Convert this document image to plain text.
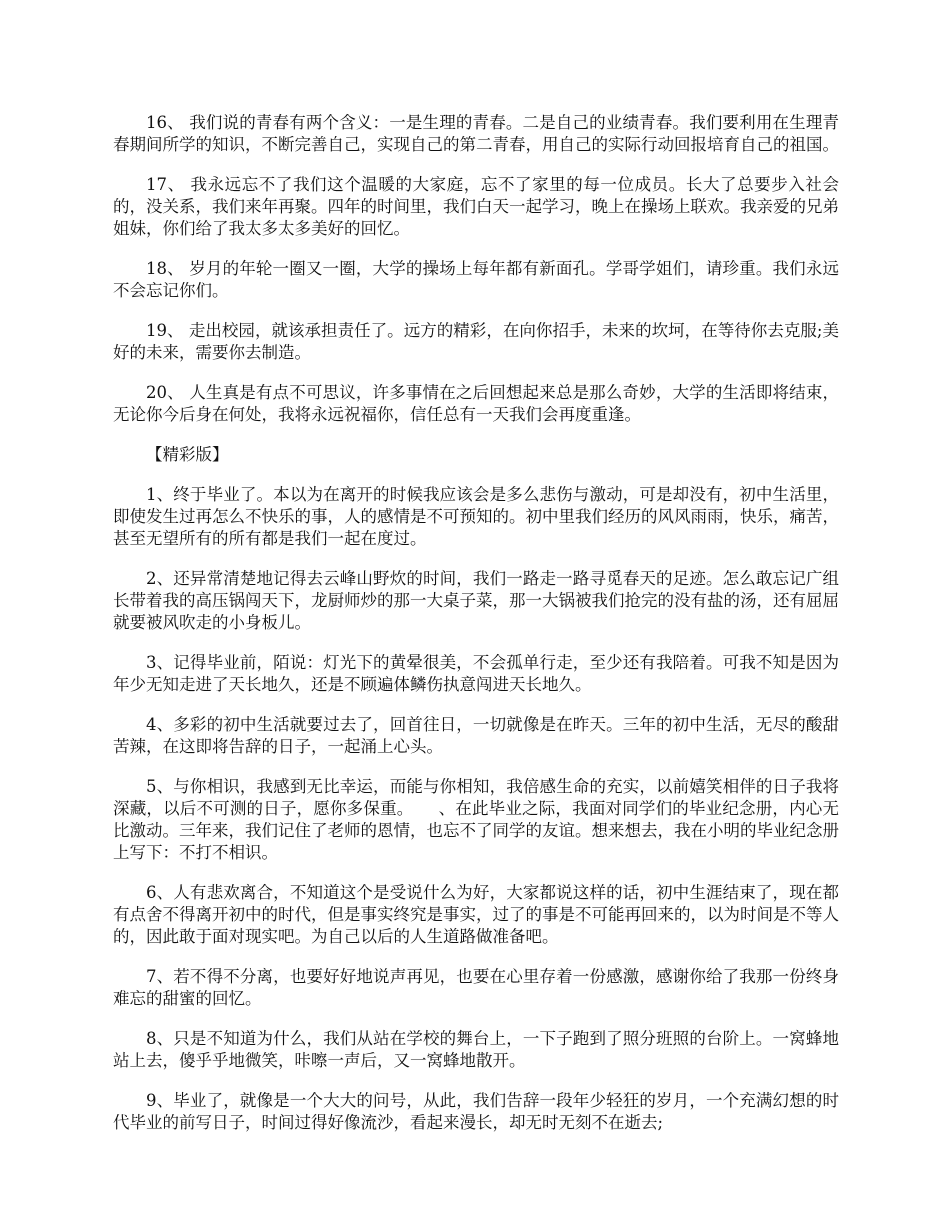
16、 我们说的青春有两个含义：一是生理的青春。二是自己的业绩青春。我们要利用在生理青春期间所学的知识，不断完善自己，实现自己的第二青春，用自己的实际行动回报培育自己的祖国。

17、 我永远忘不了我们这个温暖的大家庭，忘不了家里的每一位成员。长大了总要步入社会的，没关系，我们来年再聚。四年的时间里，我们白天一起学习，晚上在操场上联欢。我亲爱的兄弟姐妹，你们给了我太多太多美好的回忆。

18、 岁月的年轮一圈又一圈，大学的操场上每年都有新面孔。学哥学姐们，请珍重。我们永远不会忘记你们。

19、 走出校园，就该承担责任了。远方的精彩，在向你招手，未来的坎坷，在等待你去克服;美好的未来，需要你去制造。

20、 人生真是有点不可思议，许多事情在之后回想起来总是那么奇妙，大学的生活即将结束，无论你今后身在何处，我将永远祝福你，信任总有一天我们会再度重逢。

【精彩版】

1、终于毕业了。本以为在离开的时候我应该会是多么悲伤与激动，可是却没有，初中生活里，即使发生过再怎么不快乐的事，人的感情是不可预知的。初中里我们经历的风风雨雨，快乐，痛苦，甚至无望所有的所有都是我们一起在度过。

2、还异常清楚地记得去云峰山野炊的时间，我们一路走一路寻觅春天的足迹。怎么敢忘记广组长带着我的高压锅闯天下，龙厨师炒的那一大桌子菜，那一大锅被我们抢完的没有盐的汤，还有屈屈就要被风吹走的小身板儿。

3、记得毕业前，陌说：灯光下的黄晕很美，不会孤单行走，至少还有我陪着。可我不知是因为年少无知走进了天长地久，还是不顾遍体鳞伤执意闯进天长地久。

4、多彩的初中生活就要过去了，回首往日，一切就像是在昨天。三年的初中生活，无尽的酸甜苦辣，在这即将告辞的日子，一起涌上心头。

5、与你相识，我感到无比幸运，而能与你相知，我倍感生命的充实，以前嬉笑相伴的日子我将深藏，以后不可测的日子，愿你多保重。　　、在此毕业之际，我面对同学们的毕业纪念册，内心无比激动。三年来，我们记住了老师的恩情，也忘不了同学的友谊。想来想去，我在小明的毕业纪念册上写下：不打不相识。

6、人有悲欢离合，不知道这个是受说什么为好，大家都说这样的话，初中生涯结束了，现在都有点舍不得离开初中的时代，但是事实终究是事实，过了的事是不可能再回来的，以为时间是不等人的，因此敢于面对现实吧。为自己以后的人生道路做准备吧。

7、若不得不分离，也要好好地说声再见，也要在心里存着一份感激，感谢你给了我那一份终身难忘的甜蜜的回忆。

8、只是不知道为什么，我们从站在学校的舞台上，一下子跑到了照分班照的台阶上。一窝蜂地站上去，傻乎乎地微笑，咔嚓一声后，又一窝蜂地散开。

9、毕业了，就像是一个大大的问号，从此，我们告辞一段年少轻狂的岁月，一个充满幻想的时代毕业的前写日子，时间过得好像流沙，看起来漫长，却无时无刻不在逝去;
